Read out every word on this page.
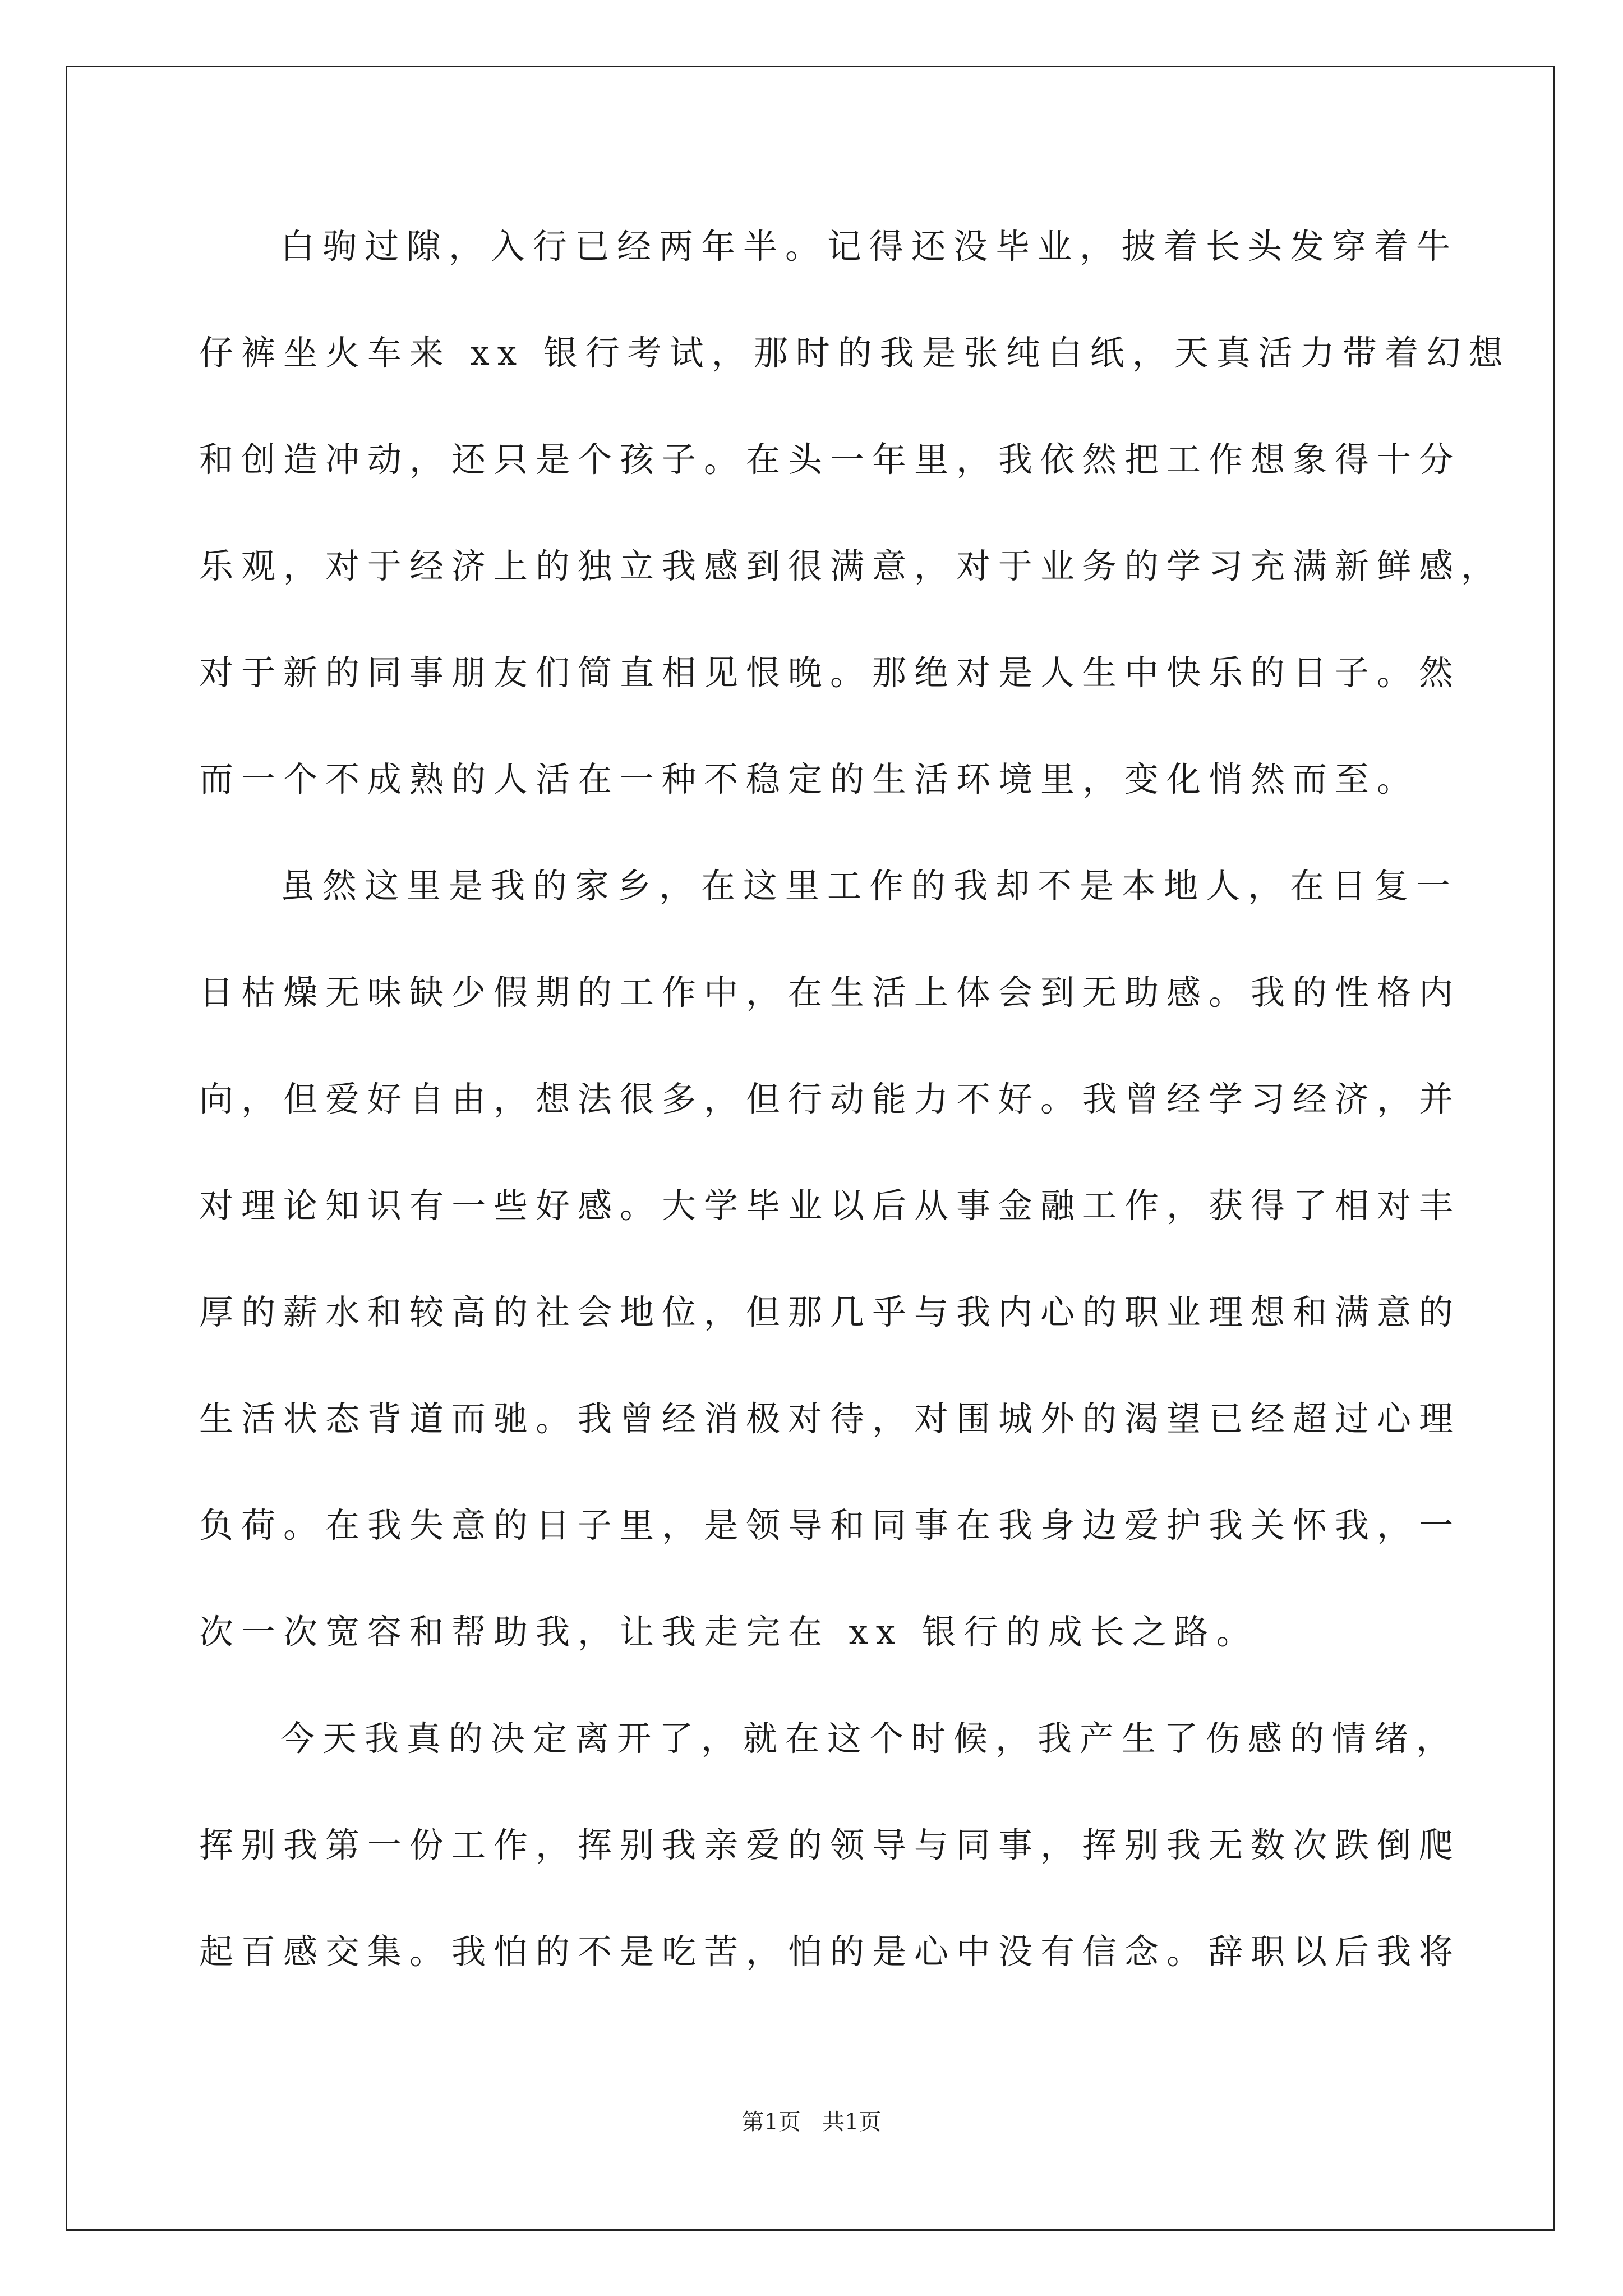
白驹过隙，入行已经两年半。记得还没毕业，披着长头发穿着牛
仔裤坐火车来 xx 银行考试，那时的我是张纯白纸，天真活力带着幻想
和创造冲动，还只是个孩子。在头一年里，我依然把工作想象得十分
乐观，对于经济上的独立我感到很满意，对于业务的学习充满新鲜感，
对于新的同事朋友们简直相见恨晚。那绝对是人生中快乐的日子。然
而一个不成熟的人活在一种不稳定的生活环境里，变化悄然而至。
虽然这里是我的家乡，在这里工作的我却不是本地人，在日复一
日枯燥无味缺少假期的工作中，在生活上体会到无助感。我的性格内
向，但爱好自由，想法很多，但行动能力不好。我曾经学习经济，并
对理论知识有一些好感。大学毕业以后从事金融工作，获得了相对丰
厚的薪水和较高的社会地位，但那几乎与我内心的职业理想和满意的
生活状态背道而驰。我曾经消极对待，对围城外的渴望已经超过心理
负荷。在我失意的日子里，是领导和同事在我身边爱护我关怀我，一
次一次宽容和帮助我，让我走完在 xx 银行的成长之路。
今天我真的决定离开了，就在这个时候，我产生了伤感的情绪，
挥别我第一份工作，挥别我亲爱的领导与同事，挥别我无数次跌倒爬
起百感交集。我怕的不是吃苦，怕的是心中没有信念。辞职以后我将
第1页   共1页
